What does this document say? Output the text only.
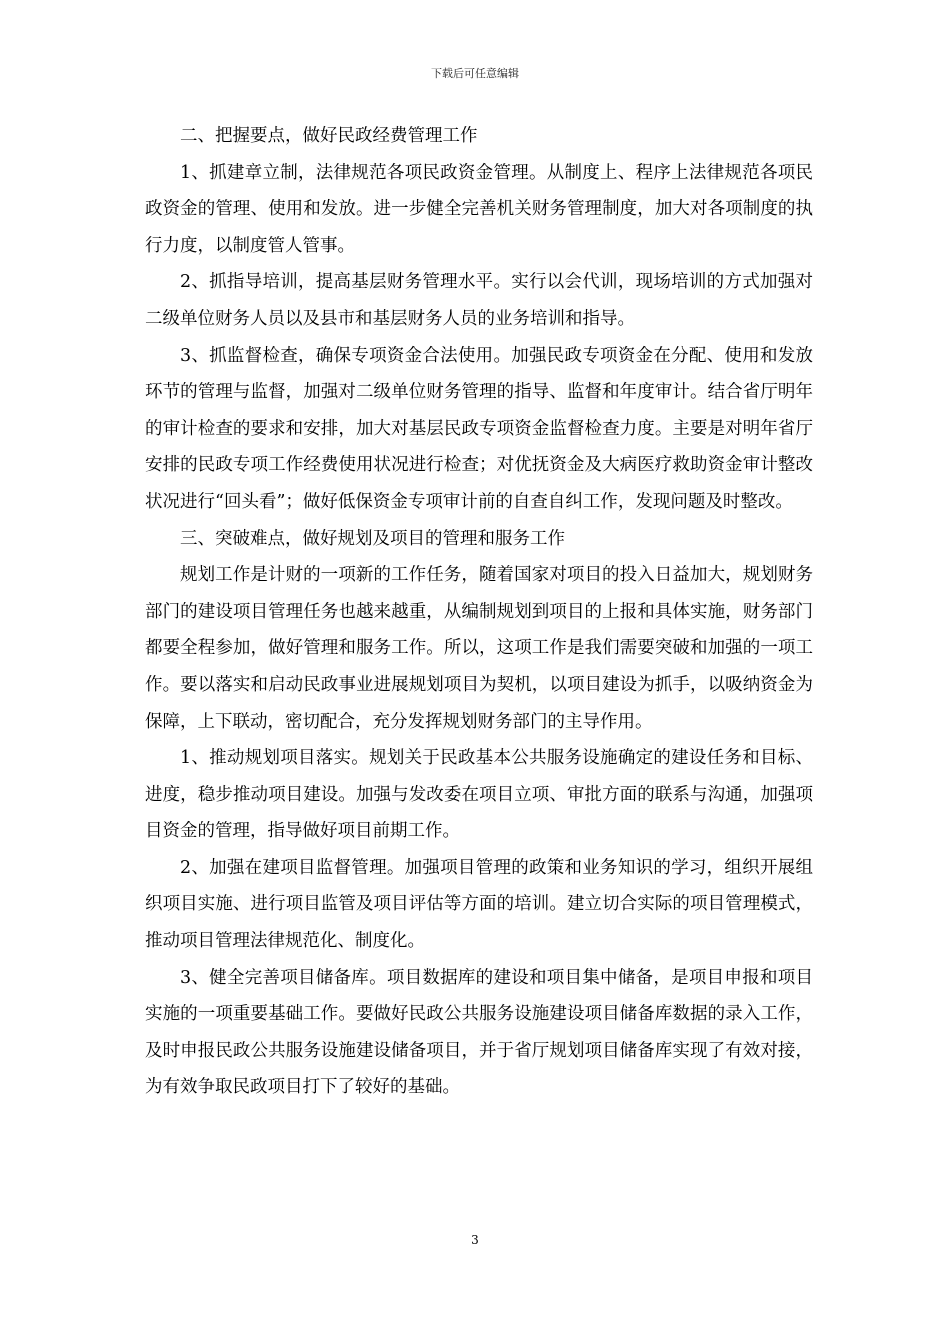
下载后可任意编辑

二、把握要点，做好民政经费管理工作

1、抓建章立制，法律规范各项民政资金管理。从制度上、程序上法律规范各项民政资金的管理、使用和发放。进一步健全完善机关财务管理制度，加大对各项制度的执行力度，以制度管人管事。

2、抓指导培训，提高基层财务管理水平。实行以会代训，现场培训的方式加强对二级单位财务人员以及县市和基层财务人员的业务培训和指导。

3、抓监督检查，确保专项资金合法使用。加强民政专项资金在分配、使用和发放环节的管理与监督，加强对二级单位财务管理的指导、监督和年度审计。结合省厅明年的审计检查的要求和安排，加大对基层民政专项资金监督检查力度。主要是对明年省厅安排的民政专项工作经费使用状况进行检查；对优抚资金及大病医疗救助资金审计整改状况进行“回头看”；做好低保资金专项审计前的自查自纠工作，发现问题及时整改。

三、突破难点，做好规划及项目的管理和服务工作

规划工作是计财的一项新的工作任务，随着国家对项目的投入日益加大，规划财务部门的建设项目管理任务也越来越重，从编制规划到项目的上报和具体实施，财务部门都要全程参加，做好管理和服务工作。所以，这项工作是我们需要突破和加强的一项工作。要以落实和启动民政事业进展规划项目为契机，以项目建设为抓手，以吸纳资金为保障，上下联动，密切配合，充分发挥规划财务部门的主导作用。

1、推动规划项目落实。规划关于民政基本公共服务设施确定的建设任务和目标、进度，稳步推动项目建设。加强与发改委在项目立项、审批方面的联系与沟通，加强项目资金的管理，指导做好项目前期工作。

2、加强在建项目监督管理。加强项目管理的政策和业务知识的学习，组织开展组织项目实施、进行项目监管及项目评估等方面的培训。建立切合实际的项目管理模式，推动项目管理法律规范化、制度化。

3、健全完善项目储备库。项目数据库的建设和项目集中储备，是项目申报和项目实施的一项重要基础工作。要做好民政公共服务设施建设项目储备库数据的录入工作，及时申报民政公共服务设施建设储备项目，并于省厅规划项目储备库实现了有效对接，为有效争取民政项目打下了较好的基础。

3
